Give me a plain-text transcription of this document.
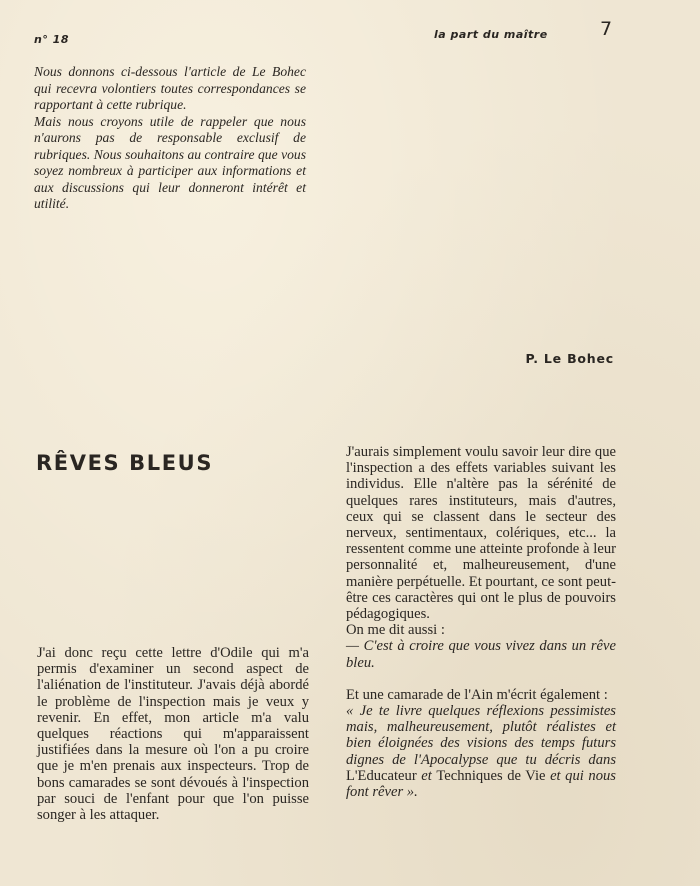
n° 18	la part du maître	7

Nous donnons ci-dessous l'article de Le Bohec qui recevra volontiers toutes correspondances se rapportant à cette rubrique.

Mais nous croyons utile de rappeler que nous n'aurons pas de responsable exclusif de rubriques. Nous souhaitons au contraire que vous soyez nombreux à participer aux informations et aux discussions qui leur donneront intérêt et utilité.

P. Le Bohec
RÊVES BLEUS

J'ai donc reçu cette lettre d'Odile qui m'a permis d'examiner un second aspect de l'aliénation de l'instituteur. J'avais déjà abordé le problème de l'inspection mais je veux y revenir. En effet, mon article m'a valu quelques réactions qui m'apparaissent justifiées dans la mesure où l'on a pu croire que je m'en prenais aux inspecteurs. Trop de bons camarades se sont dévoués à l'inspection par souci de l'enfant pour que l'on puisse songer à les attaquer.

J'aurais simplement voulu savoir leur dire que l'inspection a des effets variables suivant les individus. Elle n'altère pas la sérénité de quelques rares instituteurs, mais d'autres, ceux qui se classent dans le secteur des nerveux, sentimentaux, colériques, etc... la ressentent comme une atteinte profonde à leur personnalité et, malheureusement, d'une manière perpétuelle. Et pourtant, ce sont peut-être ces caractères qui ont le plus de pouvoirs pédagogiques.

On me dit aussi :

— C'est à croire que vous vivez dans un rêve bleu.

Et une camarade de l'Ain m'écrit également :

« Je te livre quelques réflexions pessimistes mais, malheureusement, plutôt réalistes et bien éloignées des visions des temps futurs dignes de l'Apocalypse que tu décris dans L'Educateur et Techniques de Vie et qui nous font rêver ».
